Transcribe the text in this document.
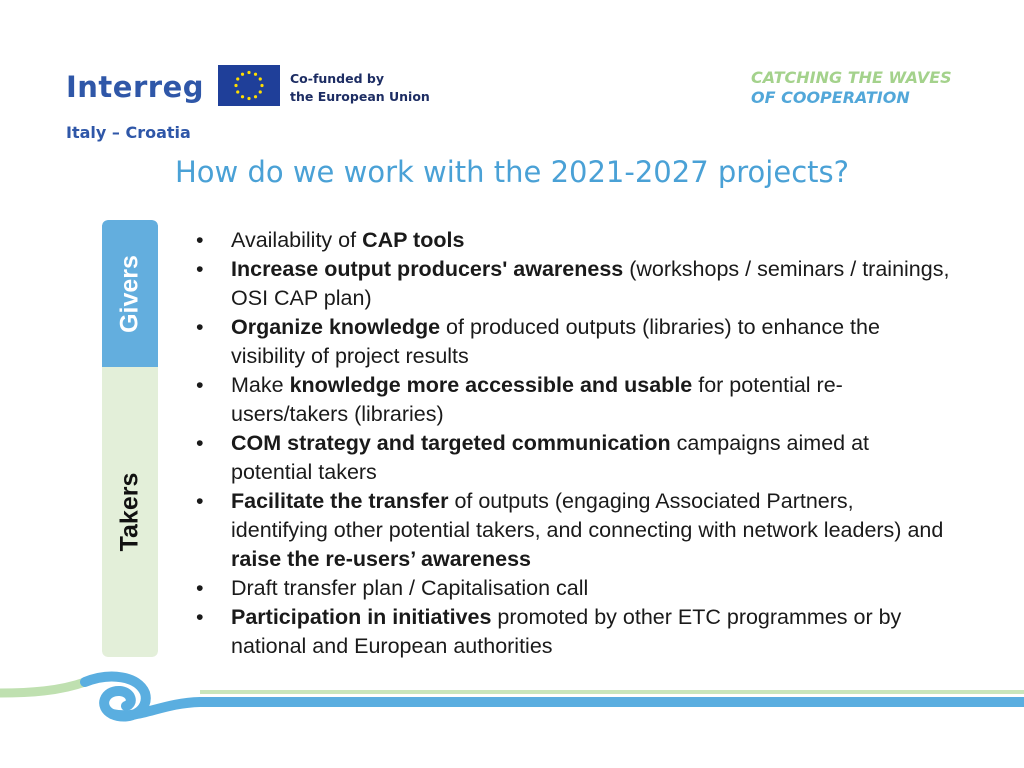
Interreg
Italy – Croatia
Co-funded by
the European Union
CATCHING THE WAVES
OF COOPERATION
How do we work with the 2021-2027 projects?
Givers
Takers
• Availability of CAP tools
• Increase output producers' awareness (workshops / seminars / trainings, OSI CAP plan)
• Organize knowledge of produced outputs (libraries) to enhance the visibility of project results
• Make knowledge more accessible and usable for potential re-users/takers (libraries)
• COM strategy and targeted communication campaigns aimed at potential takers
• Facilitate the transfer of outputs (engaging Associated Partners, identifying other potential takers, and connecting with network leaders) and raise the re-users’ awareness
• Draft transfer plan / Capitalisation call
• Participation in initiatives promoted by other ETC programmes or by national and European authorities
